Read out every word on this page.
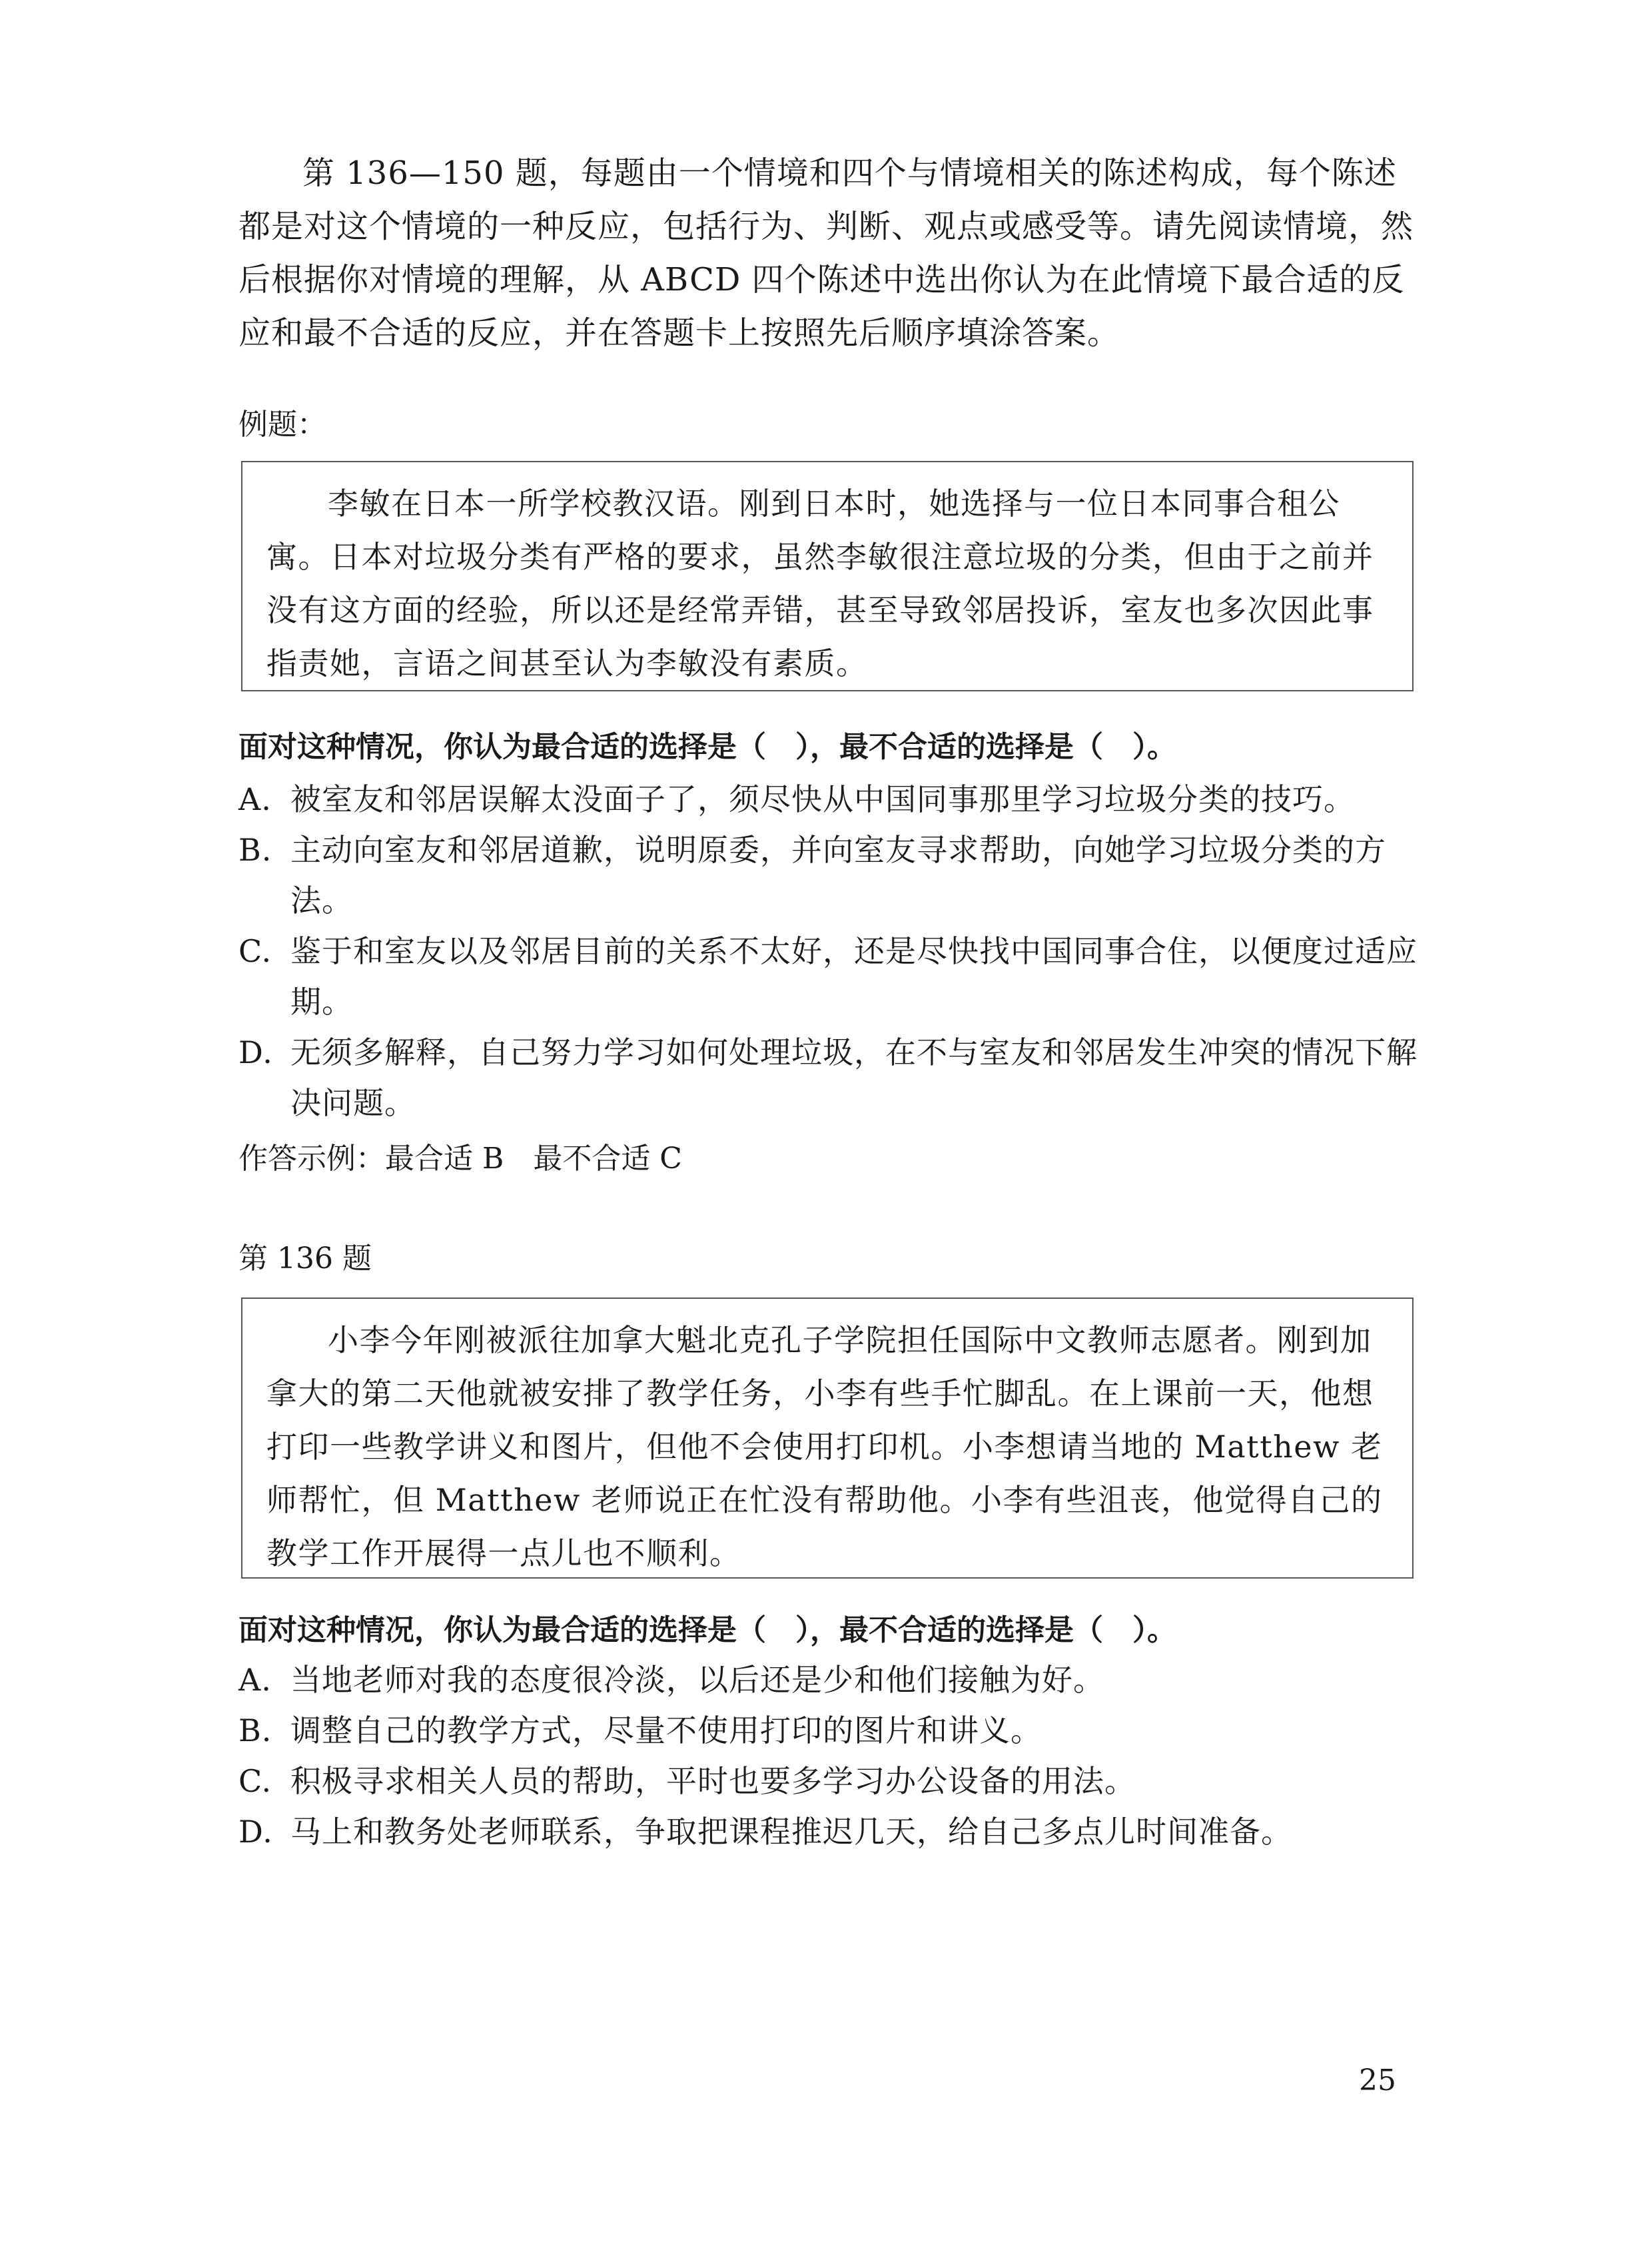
第 136—150 题，每题由一个情境和四个与情境相关的陈述构成，每个陈述都是对这个情境的一种反应，包括行为、判断、观点或感受等。请先阅读情境，然后根据你对情境的理解，从 ABCD 四个陈述中选出你认为在此情境下最合适的反应和最不合适的反应，并在答题卡上按照先后顺序填涂答案。

例题：

李敏在日本一所学校教汉语。刚到日本时，她选择与一位日本同事合租公寓。日本对垃圾分类有严格的要求，虽然李敏很注意垃圾的分类，但由于之前并没有这方面的经验，所以还是经常弄错，甚至导致邻居投诉，室友也多次因此事指责她，言语之间甚至认为李敏没有素质。

面对这种情况，你认为最合适的选择是（　），最不合适的选择是（　）。

A. 被室友和邻居误解太没面子了，须尽快从中国同事那里学习垃圾分类的技巧。
B. 主动向室友和邻居道歉，说明原委，并向室友寻求帮助，向她学习垃圾分类的方法。
C. 鉴于和室友以及邻居目前的关系不太好，还是尽快找中国同事合住，以便度过适应期。
D. 无须多解释，自己努力学习如何处理垃圾，在不与室友和邻居发生冲突的情况下解决问题。

作答示例：最合适 B　最不合适 C

第 136 题

小李今年刚被派往加拿大魁北克孔子学院担任国际中文教师志愿者。刚到加拿大的第二天他就被安排了教学任务，小李有些手忙脚乱。在上课前一天，他想打印一些教学讲义和图片，但他不会使用打印机。小李想请当地的 Matthew 老师帮忙，但 Matthew 老师说正在忙没有帮助他。小李有些沮丧，他觉得自己的教学工作开展得一点儿也不顺利。

面对这种情况，你认为最合适的选择是（　），最不合适的选择是（　）。

A. 当地老师对我的态度很冷淡，以后还是少和他们接触为好。
B. 调整自己的教学方式，尽量不使用打印的图片和讲义。
C. 积极寻求相关人员的帮助，平时也要多学习办公设备的用法。
D. 马上和教务处老师联系，争取把课程推迟几天，给自己多点儿时间准备。

25
